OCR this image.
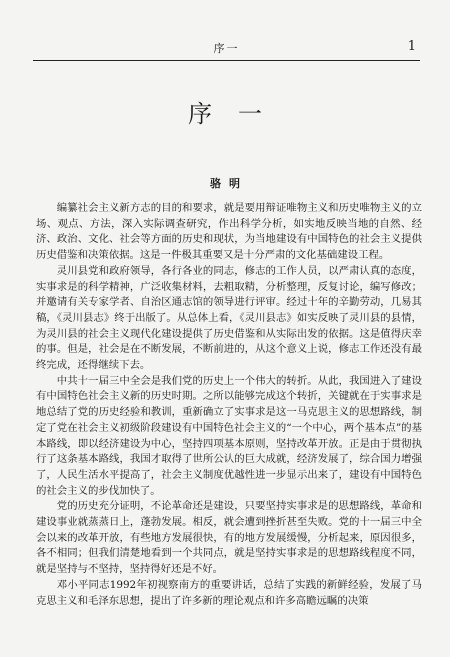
序一	1
序一
骆明

编纂社会主义新方志的目的和要求，就是要用辩证唯物主义和历史唯物主义的立场、观点、方法，深入实际调查研究，作出科学分析，如实地反映当地的自然、经济、政治、文化、社会等方面的历史和现状，为当地建设有中国特色的社会主义提供历史借鉴和决策依据。这是一件极其重要又是十分严肃的文化基础建设工程。

灵川县党和政府领导，各行各业的同志，修志的工作人员，以严肃认真的态度，实事求是的科学精神，广泛收集材料，去粗取精，分析整理，反复讨论，编写修改；并邀请有关专家学者、自治区通志馆的领导进行评审。经过十年的辛勤劳动，几易其稿，《灵川县志》终于出版了。从总体上看，《灵川县志》如实反映了灵川县的县情，为灵川县的社会主义现代化建设提供了历史借鉴和从实际出发的依据。这是值得庆幸的事。但是，社会是在不断发展，不断前进的，从这个意义上说，修志工作还没有最终完成，还得继续下去。

中共十一届三中全会是我们党的历史上一个伟大的转折。从此，我国进入了建设有中国特色社会主义新的历史时期。之所以能够完成这个转折，关键就在于实事求是地总结了党的历史经验和教训，重新确立了实事求是这一马克思主义的思想路线，制定了党在社会主义初级阶段建设有中国特色社会主义的“一个中心，两个基本点”的基本路线，即以经济建设为中心，坚持四项基本原则，坚持改革开放。正是由于贯彻执行了这条基本路线，我国才取得了世所公认的巨大成就，经济发展了，综合国力增强了，人民生活水平提高了，社会主义制度优越性进一步显示出来了，建设有中国特色的社会主义的步伐加快了。

党的历史充分证明，不论革命还是建设，只要坚持实事求是的思想路线，革命和建设事业就蒸蒸日上，蓬勃发展。相反，就会遭到挫折甚至失败。党的十一届三中全会以来的改革开放，有些地方发展很快，有的地方发展缓慢，分析起来，原因很多，各不相同；但我们清楚地看到一个共同点，就是坚持实事求是的思想路线程度不同，就是坚持与不坚持，坚持得好还是不好。

邓小平同志1992年初视察南方的重要讲话，总结了实践的新鲜经验，发展了马克思主义和毛泽东思想，提出了许多新的理论观点和许多高瞻远瞩的决策
